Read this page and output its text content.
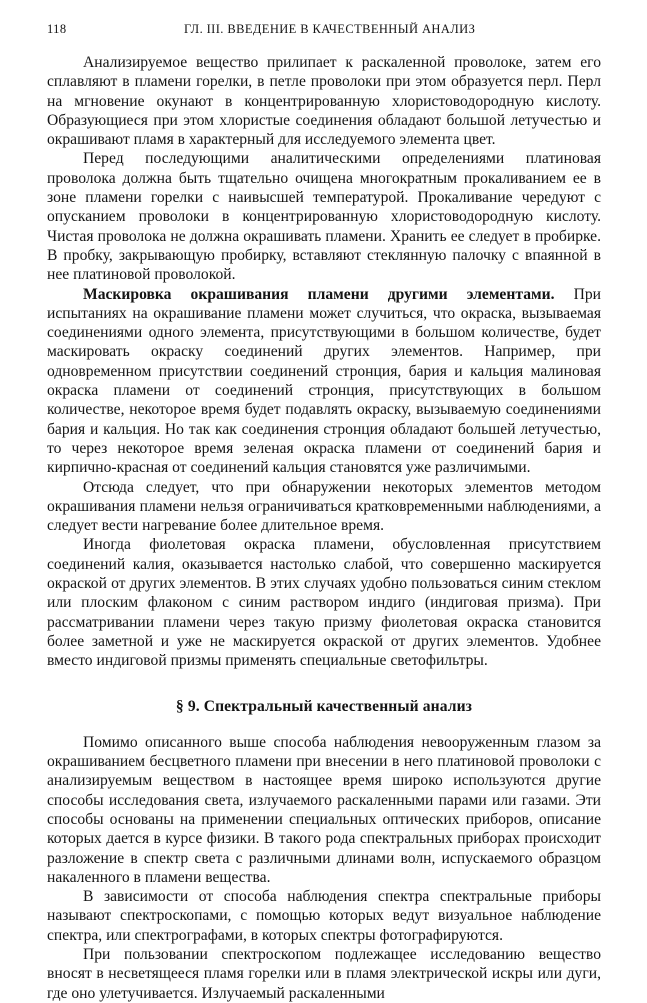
118	ГЛ. III. ВВЕДЕНИЕ В КАЧЕСТВЕННЫЙ АНАЛИЗ

Анализируемое вещество прилипает к раскаленной проволоке, затем его сплавляют в пламени горелки, в петле проволоки при этом образуется перл. Перл на мгновение окунают в концентрированную хлористоводородную кислоту. Образующиеся при этом хлористые соединения обладают большой летучестью и окрашивают пламя в характерный для исследуемого элемента цвет.

Перед последующими аналитическими определениями платиновая проволока должна быть тщательно очищена многократным прокаливанием ее в зоне пламени горелки с наивысшей температурой. Прокаливание чередуют с опусканием проволоки в концентрированную хлористоводородную кислоту. Чистая проволока не должна окрашивать пламени. Хранить ее следует в пробирке. В пробку, закрывающую пробирку, вставляют стеклянную палочку с впаянной в нее платиновой проволокой.

Маскировка окрашивания пламени другими элементами. При испытаниях на окрашивание пламени может случиться, что окраска, вызываемая соединениями одного элемента, присутствующими в большом количестве, будет маскировать окраску соединений других элементов. Например, при одновременном присутствии соединений стронция, бария и кальция малиновая окраска пламени от соединений стронция, присутствующих в большом количестве, некоторое время будет подавлять окраску, вызываемую соединениями бария и кальция. Но так как соединения стронция обладают большей летучестью, то через некоторое время зеленая окраска пламени от соединений бария и кирпично-красная от соединений кальция становятся уже различимыми.

Отсюда следует, что при обнаружении некоторых элементов методом окрашивания пламени нельзя ограничиваться кратковременными наблюдениями, а следует вести нагревание более длительное время.

Иногда фиолетовая окраска пламени, обусловленная присутствием соединений калия, оказывается настолько слабой, что совершенно маскируется окраской от других элементов. В этих случаях удобно пользоваться синим стеклом или плоским флаконом с синим раствором индиго (индиговая призма). При рассматривании пламени через такую призму фиолетовая окраска становится более заметной и уже не маскируется окраской от других элементов. Удобнее вместо индиговой призмы применять специальные светофильтры.

§ 9. Спектральный качественный анализ

Помимо описанного выше способа наблюдения невооруженным глазом за окрашиванием бесцветного пламени при внесении в него платиновой проволоки с анализируемым веществом в настоящее время широко используются другие способы исследования света, излучаемого раскаленными парами или газами. Эти способы основаны на применении специальных оптических приборов, описание которых дается в курсе физики. В такого рода спектральных приборах происходит разложение в спектр света с различными длинами волн, испускаемого образцом накаленного в пламени вещества.

В зависимости от способа наблюдения спектра спектральные приборы называют спектроскопами, с помощью которых ведут визуальное наблюдение спектра, или спектрографами, в которых спектры фотографируются.

При пользовании спектроскопом подлежащее исследованию вещество вносят в несветящееся пламя горелки или в пламя электрической искры или дуги, где оно улетучивается. Излучаемый раскаленными
